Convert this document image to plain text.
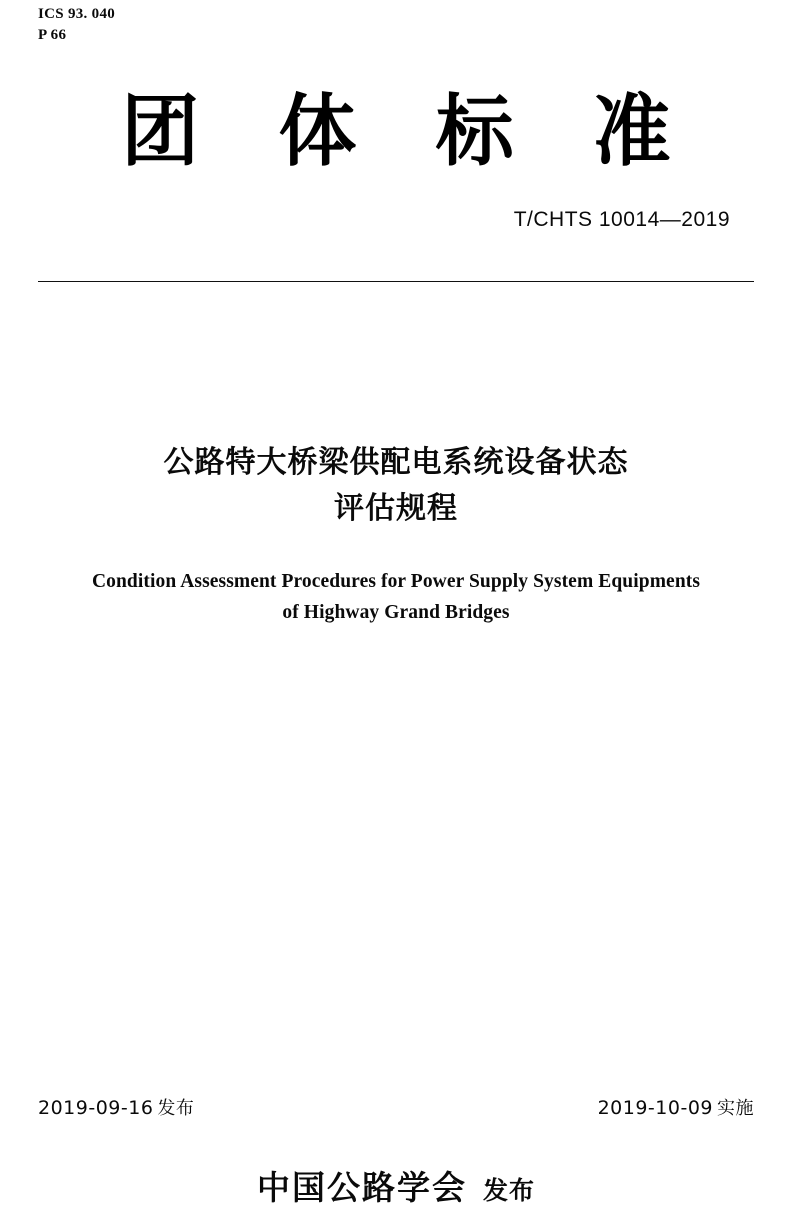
ICS 93. 040
P 66
团 体 标 准
T/CHTS 10014—2019
公路特大桥梁供配电系统设备状态
评估规程
Condition Assessment Procedures for Power Supply System Equipments
of Highway Grand Bridges
2019-09-16 发布	2019-10-09 实施
中国公路学会 发布
